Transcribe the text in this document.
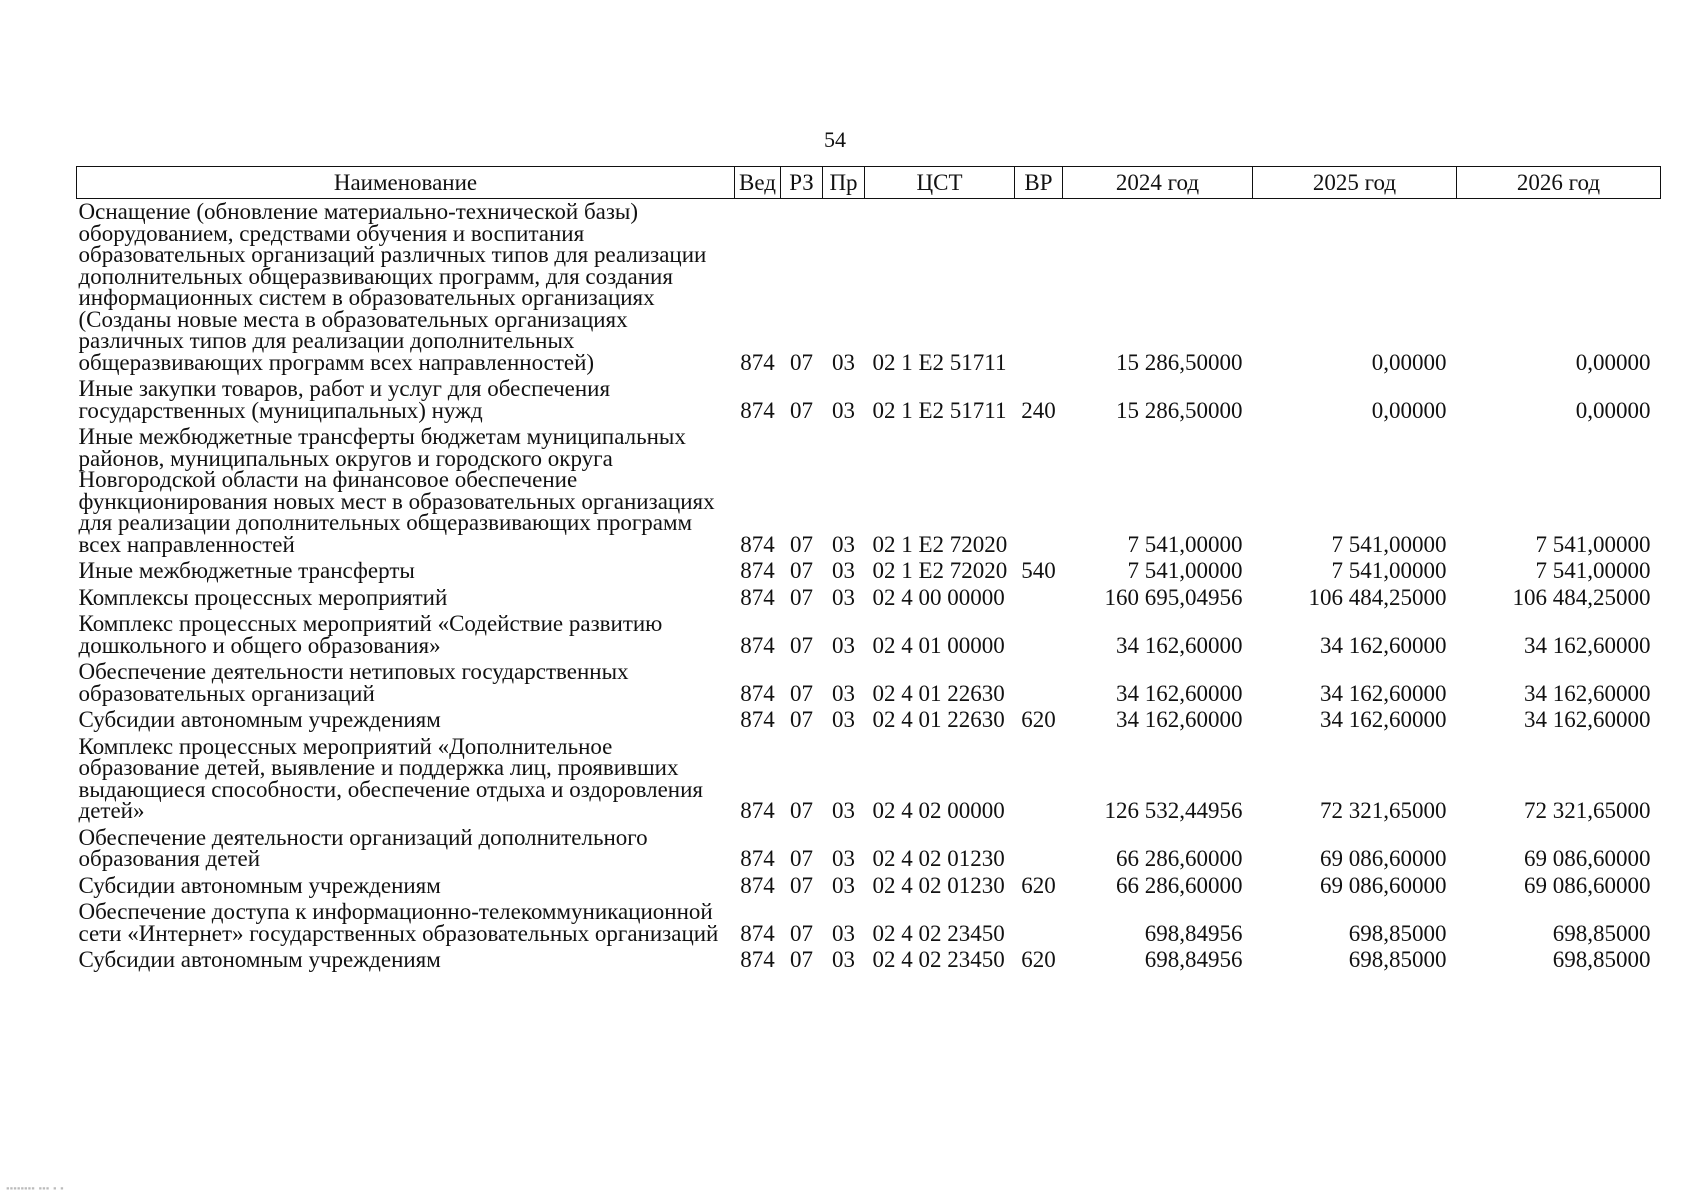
54
Наименование	Вед	РЗ	Пр	ЦСТ	ВР	2024 год	2025 год	2026 год
Оснащение (обновление материально-технической базы) оборудованием, средствами обучения и воспитания образовательных организаций различных типов для реализации дополнительных общеразвивающих программ, для создания информационных систем в образовательных организациях (Созданы новые места в образовательных организациях различных типов для реализации дополнительных общеразвивающих программ всех направленностей)	874	07	03	02 1 Е2 51711		15 286,50000	0,00000	0,00000
Иные закупки товаров, работ и услуг для обеспечения государственных (муниципальных) нужд	874	07	03	02 1 Е2 51711	240	15 286,50000	0,00000	0,00000
Иные межбюджетные трансферты бюджетам муниципальных районов, муниципальных округов и городского округа Новгородской области на финансовое обеспечение функционирования новых мест в образовательных организациях для реализации дополнительных общеразвивающих программ всех направленностей	874	07	03	02 1 Е2 72020		7 541,00000	7 541,00000	7 541,00000
Иные межбюджетные трансферты	874	07	03	02 1 Е2 72020	540	7 541,00000	7 541,00000	7 541,00000
Комплексы процессных мероприятий	874	07	03	02 4 00 00000		160 695,04956	106 484,25000	106 484,25000
Комплекс процессных мероприятий «Содействие развитию дошкольного и общего образования»	874	07	03	02 4 01 00000		34 162,60000	34 162,60000	34 162,60000
Обеспечение деятельности нетиповых государственных образовательных организаций	874	07	03	02 4 01 22630		34 162,60000	34 162,60000	34 162,60000
Субсидии автономным учреждениям	874	07	03	02 4 01 22630	620	34 162,60000	34 162,60000	34 162,60000
Комплекс процессных мероприятий «Дополнительное образование детей, выявление и поддержка лиц, проявивших выдающиеся способности, обеспечение отдыха и оздоровления детей»	874	07	03	02 4 02 00000		126 532,44956	72 321,65000	72 321,65000
Обеспечение деятельности организаций дополнительного образования детей	874	07	03	02 4 02 01230		66 286,60000	69 086,60000	69 086,60000
Субсидии автономным учреждениям	874	07	03	02 4 02 01230	620	66 286,60000	69 086,60000	69 086,60000
Обеспечение доступа к информационно-телекоммуникационной сети «Интернет» государственных образовательных организаций	874	07	03	02 4 02 23450		698,84956	698,85000	698,85000
Субсидии автономным учреждениям	874	07	03	02 4 02 23450	620	698,84956	698,85000	698,85000
▪▪▪▪▪▪▪▪ ▪▪▪ ▪ ▪
